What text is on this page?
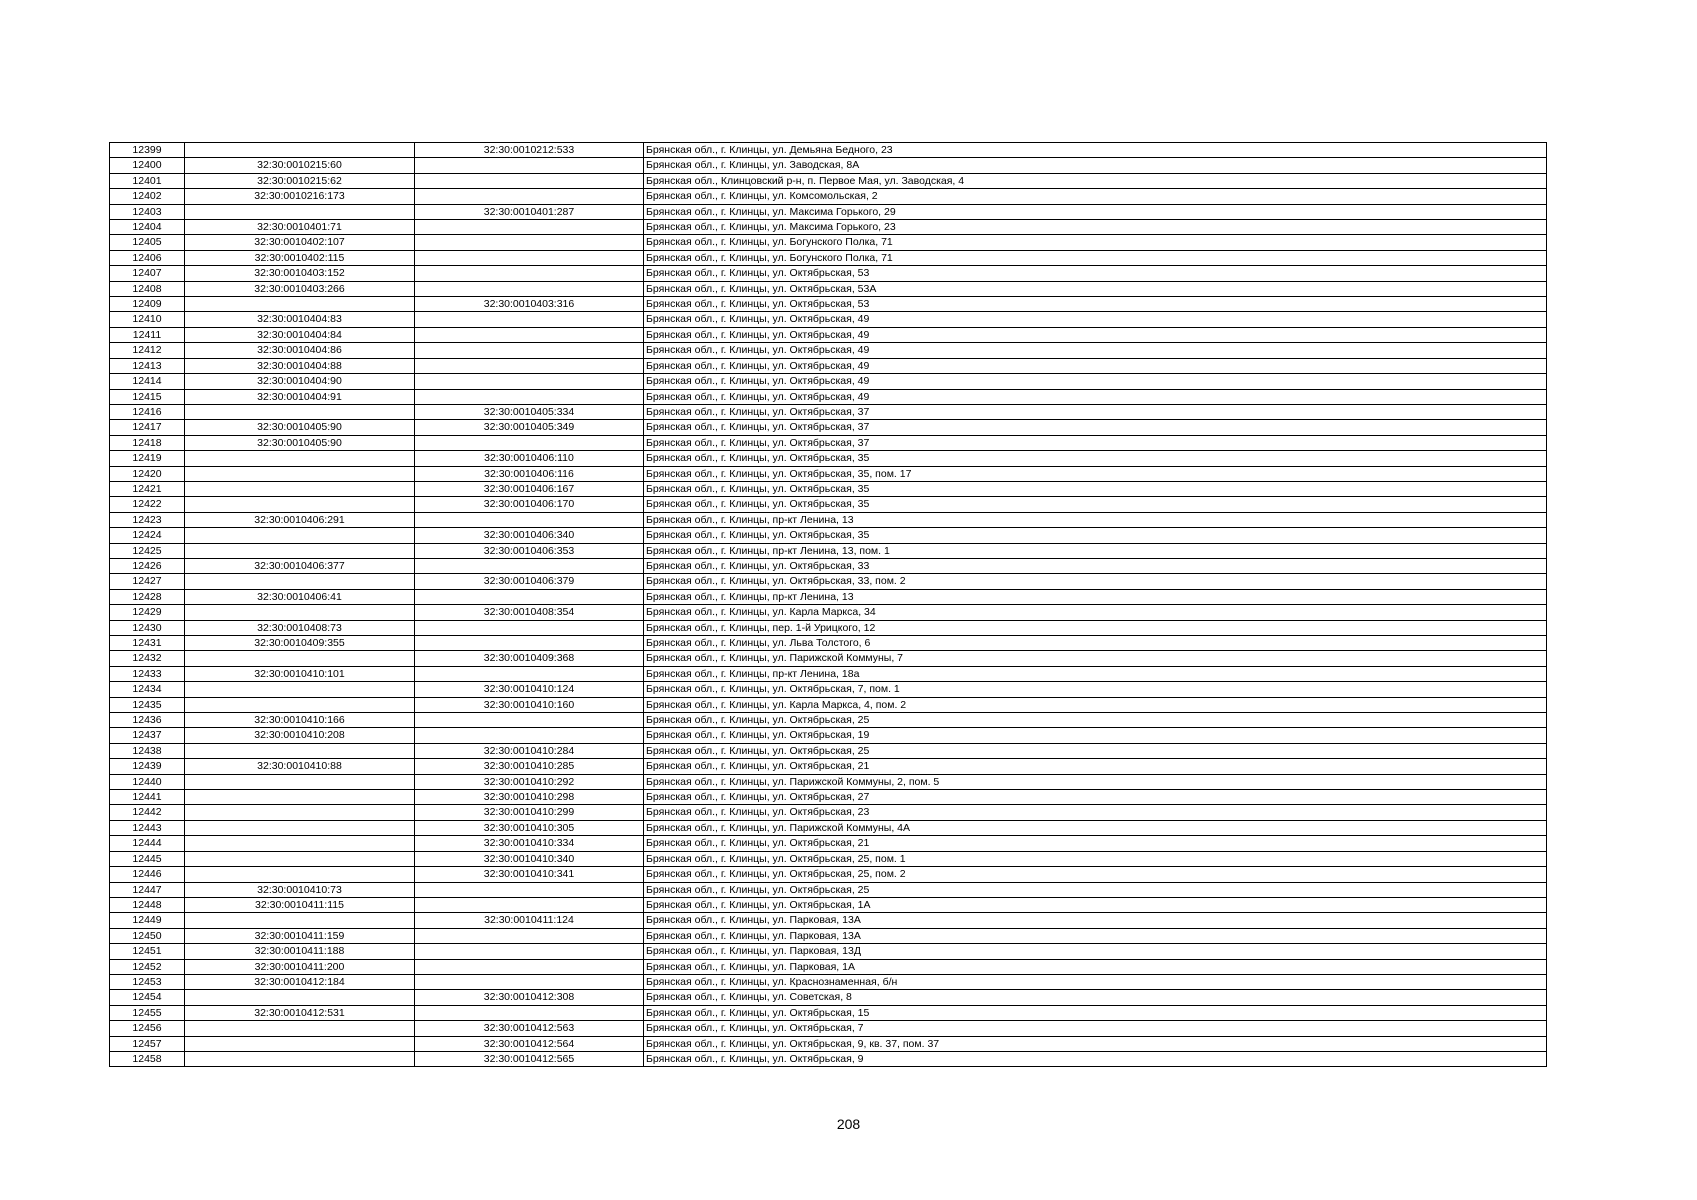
12399		32:30:0010212:533	Брянская обл., г. Клинцы, ул. Демьяна Бедного, 23
12400	32:30:0010215:60		Брянская обл., г. Клинцы, ул. Заводская, 8А
12401	32:30:0010215:62		Брянская обл., Клинцовский р-н, п. Первое Мая, ул. Заводская, 4
12402	32:30:0010216:173		Брянская обл., г. Клинцы, ул. Комсомольская, 2
12403		32:30:0010401:287	Брянская обл., г. Клинцы, ул. Максима Горького, 29
12404	32:30:0010401:71		Брянская обл., г. Клинцы, ул. Максима Горького, 23
12405	32:30:0010402:107		Брянская обл., г. Клинцы, ул. Богунского Полка, 71
12406	32:30:0010402:115		Брянская обл., г. Клинцы, ул. Богунского Полка, 71
12407	32:30:0010403:152		Брянская обл., г. Клинцы, ул. Октябрьская, 53
12408	32:30:0010403:266		Брянская обл., г. Клинцы, ул. Октябрьская, 53А
12409		32:30:0010403:316	Брянская обл., г. Клинцы, ул. Октябрьская, 53
12410	32:30:0010404:83		Брянская обл., г. Клинцы, ул. Октябрьская, 49
12411	32:30:0010404:84		Брянская обл., г. Клинцы, ул. Октябрьская, 49
12412	32:30:0010404:86		Брянская обл., г. Клинцы, ул. Октябрьская, 49
12413	32:30:0010404:88		Брянская обл., г. Клинцы, ул. Октябрьская, 49
12414	32:30:0010404:90		Брянская обл., г. Клинцы, ул. Октябрьская, 49
12415	32:30:0010404:91		Брянская обл., г. Клинцы, ул. Октябрьская, 49
12416		32:30:0010405:334	Брянская обл., г. Клинцы, ул. Октябрьская, 37
12417	32:30:0010405:90	32:30:0010405:349	Брянская обл., г. Клинцы, ул. Октябрьская, 37
12418	32:30:0010405:90		Брянская обл., г. Клинцы, ул. Октябрьская, 37
12419		32:30:0010406:110	Брянская обл., г. Клинцы, ул. Октябрьская, 35
12420		32:30:0010406:116	Брянская обл., г. Клинцы, ул. Октябрьская, 35, пом. 17
12421		32:30:0010406:167	Брянская обл., г. Клинцы, ул. Октябрьская, 35
12422		32:30:0010406:170	Брянская обл., г. Клинцы, ул. Октябрьская, 35
12423	32:30:0010406:291		Брянская обл., г. Клинцы, пр-кт Ленина, 13
12424		32:30:0010406:340	Брянская обл., г. Клинцы, ул. Октябрьская, 35
12425		32:30:0010406:353	Брянская обл., г. Клинцы, пр-кт Ленина, 13, пом. 1
12426	32:30:0010406:377		Брянская обл., г. Клинцы, ул. Октябрьская, 33
12427		32:30:0010406:379	Брянская обл., г. Клинцы, ул. Октябрьская, 33, пом. 2
12428	32:30:0010406:41		Брянская обл., г. Клинцы, пр-кт Ленина, 13
12429		32:30:0010408:354	Брянская обл., г. Клинцы, ул. Карла Маркса, 34
12430	32:30:0010408:73		Брянская обл., г. Клинцы, пер. 1-й Урицкого, 12
12431	32:30:0010409:355		Брянская обл., г. Клинцы, ул. Льва Толстого, 6
12432		32:30:0010409:368	Брянская обл., г. Клинцы, ул. Парижской Коммуны, 7
12433	32:30:0010410:101		Брянская обл., г. Клинцы, пр-кт Ленина, 18а
12434		32:30:0010410:124	Брянская обл., г. Клинцы, ул. Октябрьская, 7, пом. 1
12435		32:30:0010410:160	Брянская обл., г. Клинцы, ул. Карла Маркса, 4, пом. 2
12436	32:30:0010410:166		Брянская обл., г. Клинцы, ул. Октябрьская, 25
12437	32:30:0010410:208		Брянская обл., г. Клинцы, ул. Октябрьская, 19
12438		32:30:0010410:284	Брянская обл., г. Клинцы, ул. Октябрьская, 25
12439	32:30:0010410:88	32:30:0010410:285	Брянская обл., г. Клинцы, ул. Октябрьская, 21
12440		32:30:0010410:292	Брянская обл., г. Клинцы, ул. Парижской Коммуны, 2, пом. 5
12441		32:30:0010410:298	Брянская обл., г. Клинцы, ул. Октябрьская, 27
12442		32:30:0010410:299	Брянская обл., г. Клинцы, ул. Октябрьская, 23
12443		32:30:0010410:305	Брянская обл., г. Клинцы, ул. Парижской Коммуны, 4А
12444		32:30:0010410:334	Брянская обл., г. Клинцы, ул. Октябрьская, 21
12445		32:30:0010410:340	Брянская обл., г. Клинцы, ул. Октябрьская, 25, пом. 1
12446		32:30:0010410:341	Брянская обл., г. Клинцы, ул. Октябрьская, 25, пом. 2
12447	32:30:0010410:73		Брянская обл., г. Клинцы, ул. Октябрьская, 25
12448	32:30:0010411:115		Брянская обл., г. Клинцы, ул. Октябрьская, 1А
12449		32:30:0010411:124	Брянская обл., г. Клинцы, ул. Парковая, 13А
12450	32:30:0010411:159		Брянская обл., г. Клинцы, ул. Парковая, 13А
12451	32:30:0010411:188		Брянская обл., г. Клинцы, ул. Парковая, 13Д
12452	32:30:0010411:200		Брянская обл., г. Клинцы, ул. Парковая, 1А
12453	32:30:0010412:184		Брянская обл., г. Клинцы, ул. Краснознаменная, б/н
12454		32:30:0010412:308	Брянская обл., г. Клинцы, ул. Советская, 8
12455	32:30:0010412:531		Брянская обл., г. Клинцы, ул. Октябрьская, 15
12456		32:30:0010412:563	Брянская обл., г. Клинцы, ул. Октябрьская, 7
12457		32:30:0010412:564	Брянская обл., г. Клинцы, ул. Октябрьская, 9, кв. 37, пом. 37
12458		32:30:0010412:565	Брянская обл., г. Клинцы, ул. Октябрьская, 9
208
